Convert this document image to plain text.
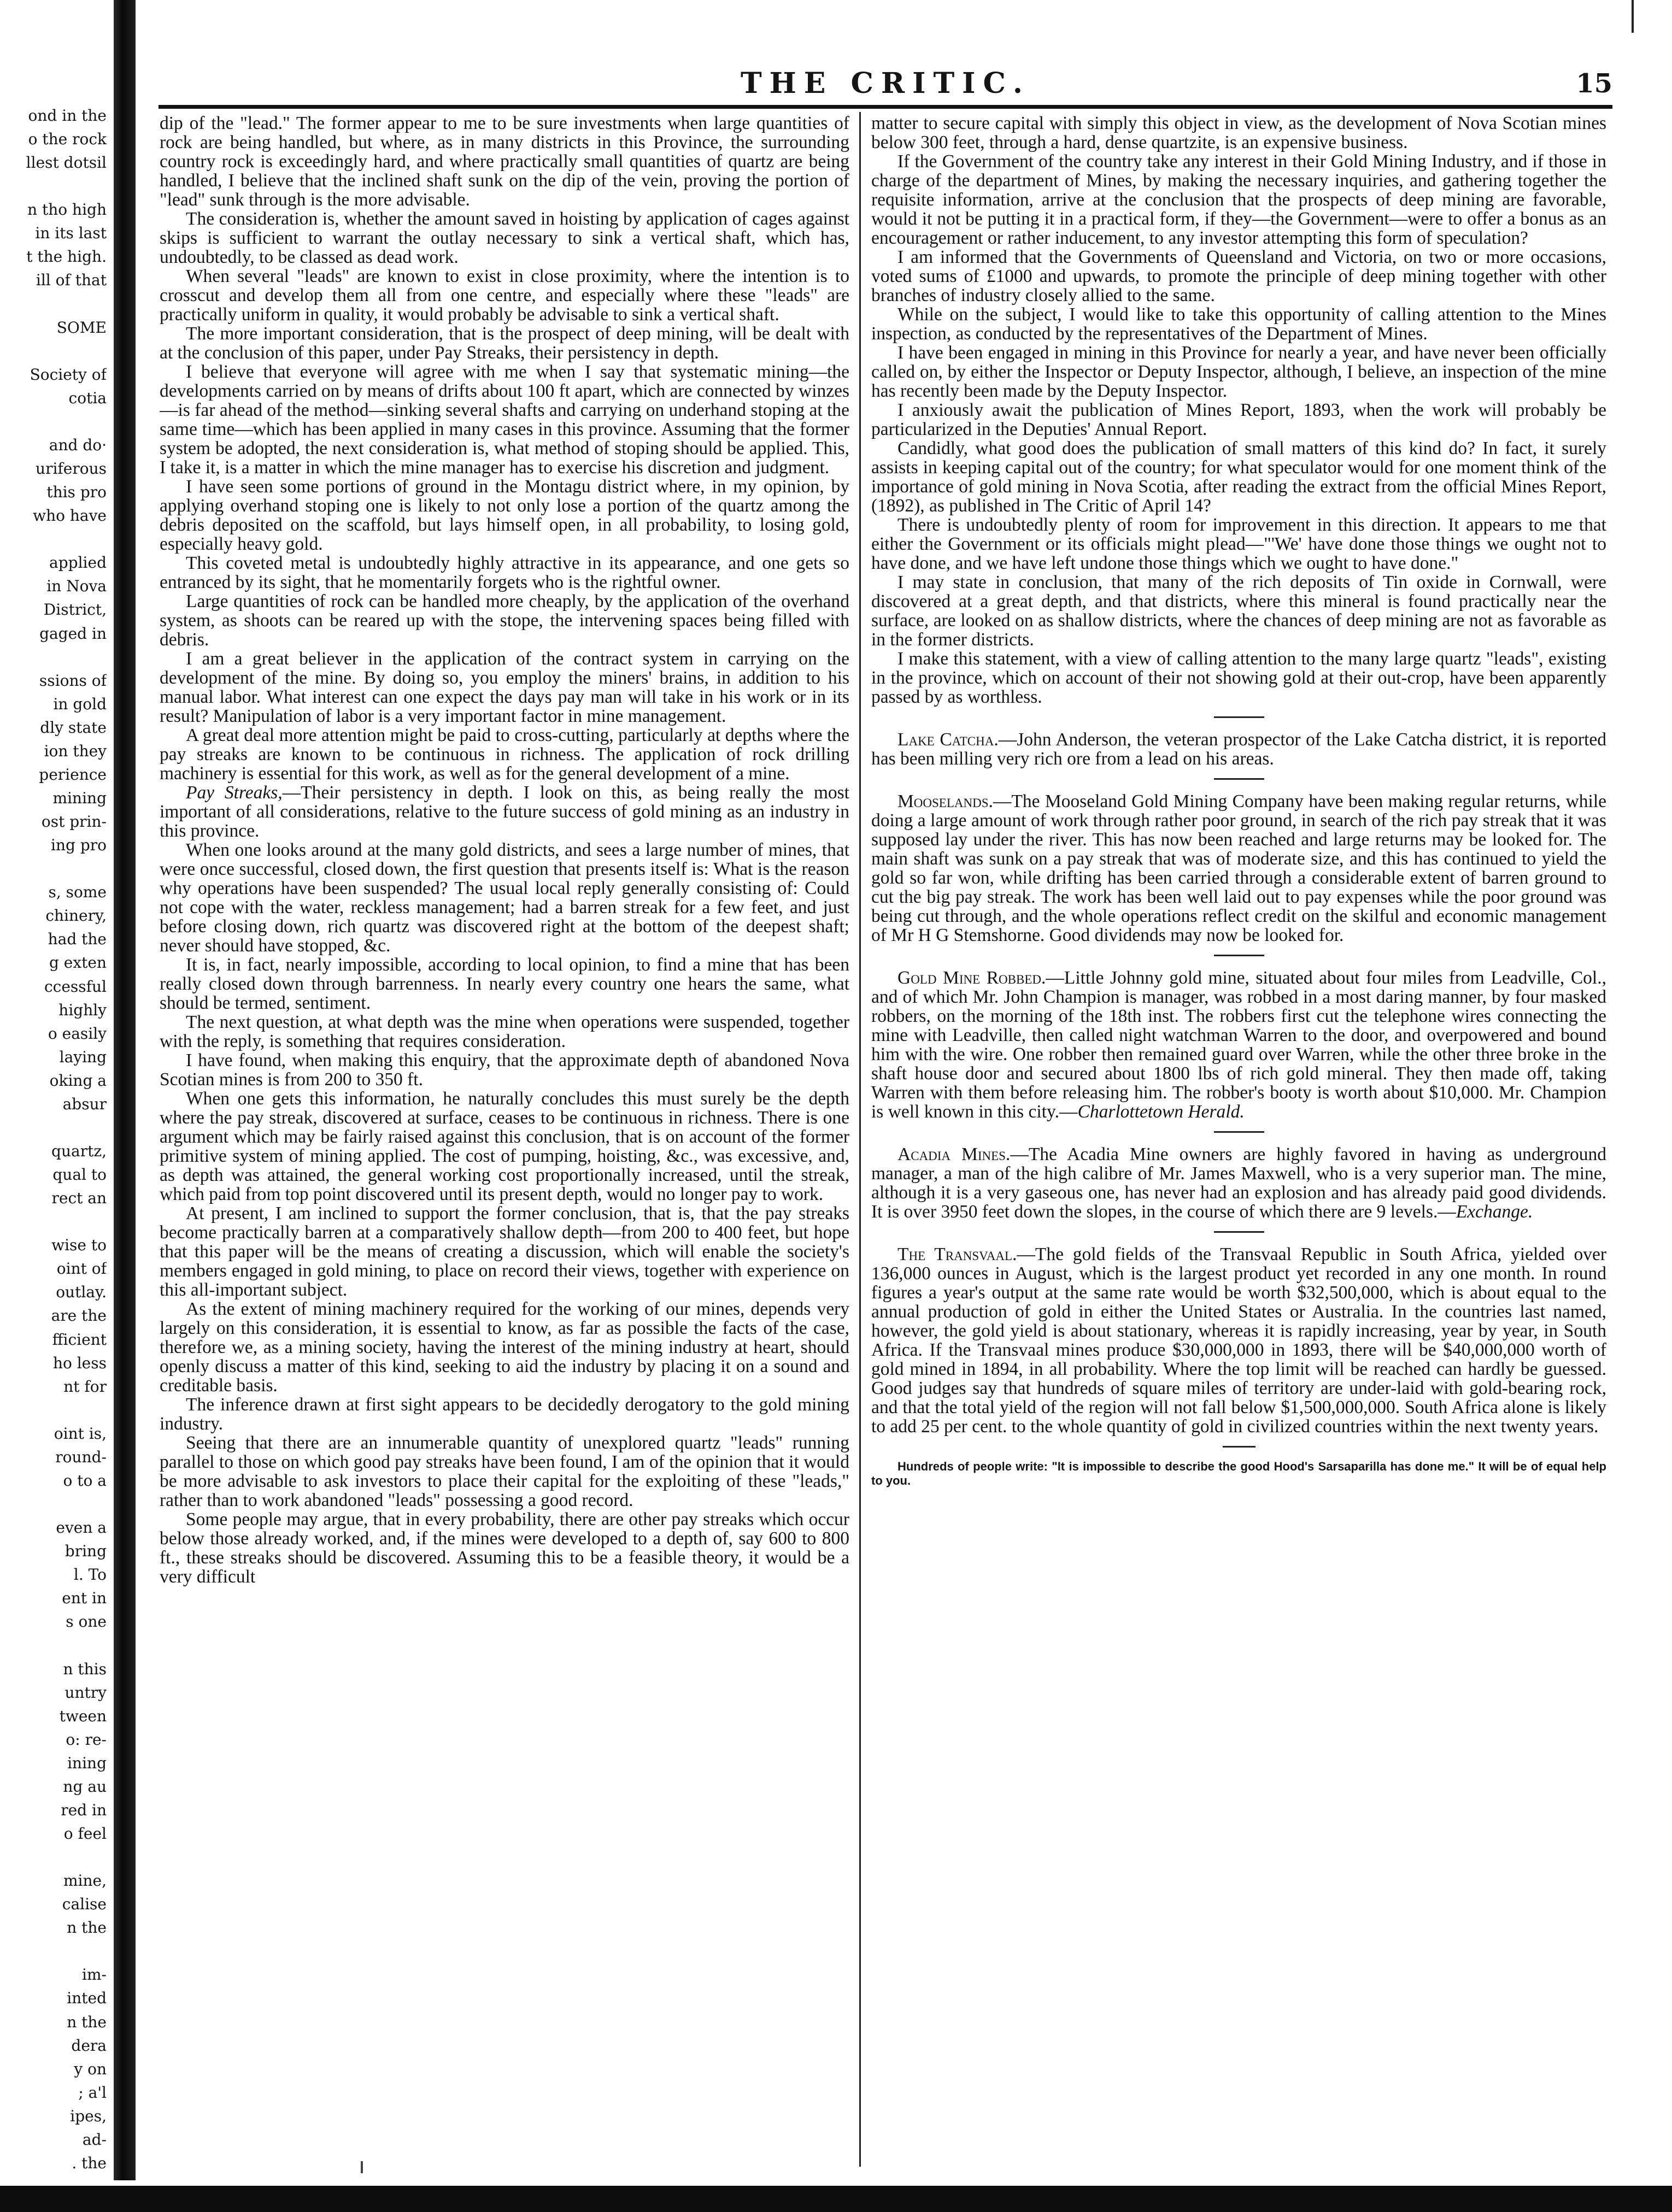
ond in the
o the rock
llest dotsil
n tho high
in its last
t the high.
ill of that
SOME
Society of
cotia
and do·
uriferous
this pro
who have
applied
in Nova
District,
gaged in
ssions of
in gold
dly state
ion they
perience
mining
ost prin-
ing pro
s, some
chinery,
had the
g exten
ccessful
highly
o easily
laying
oking a
absur
quartz,
qual to
rect an
wise to
oint of
outlay.
are the
fficient
ho less
nt for
oint is,
round-
o to a
even a
bring
l. To
ent in
s one
n this
untry
tween
o: re-
ining
ng au
red in
o feel
mine,
calise
n the
im-
inted
n the
dera
y on
; a'l
ipes,
ad-
. the
THE CRITIC.	15

dip of the "lead." The former appear to me to be sure investments when large quantities of rock are being handled, but where, as in many districts in this Province, the surrounding country rock is exceedingly hard, and where practically small quantities of quartz are being handled, I believe that the inclined shaft sunk on the dip of the vein, proving the portion of "lead" sunk through is the more advisable.

The consideration is, whether the amount saved in hoisting by application of cages against skips is sufficient to warrant the outlay necessary to sink a vertical shaft, which has, undoubtedly, to be classed as dead work.

When several "leads" are known to exist in close proximity, where the intention is to crosscut and develop them all from one centre, and especially where these "leads" are practically uniform in quality, it would probably be advisable to sink a vertical shaft.

The more important consideration, that is the prospect of deep mining, will be dealt with at the conclusion of this paper, under Pay Streaks, their persistency in depth.

I believe that everyone will agree with me when I say that systematic mining—the developments carried on by means of drifts about 100 ft apart, which are connected by winzes—is far ahead of the method—sinking several shafts and carrying on underhand stoping at the same time—which has been applied in many cases in this province. Assuming that the former system be adopted, the next consideration is, what method of stoping should be applied. This, I take it, is a matter in which the mine manager has to exercise his discretion and judgment.

I have seen some portions of ground in the Montagu district where, in my opinion, by applying overhand stoping one is likely to not only lose a portion of the quartz among the debris deposited on the scaffold, but lays himself open, in all probability, to losing gold, especially heavy gold.

This coveted metal is undoubtedly highly attractive in its appearance, and one gets so entranced by its sight, that he momentarily forgets who is the rightful owner.

Large quantities of rock can be handled more cheaply, by the application of the overhand system, as shoots can be reared up with the stope, the intervening spaces being filled with debris.

I am a great believer in the application of the contract system in carrying on the development of the mine. By doing so, you employ the miners' brains, in addition to his manual labor. What interest can one expect the days pay man will take in his work or in its result? Manipulation of labor is a very important factor in mine management.

A great deal more attention might be paid to cross-cutting, particularly at depths where the pay streaks are known to be continuous in richness. The application of rock drilling machinery is essential for this work, as well as for the general development of a mine.

Pay Streaks,—Their persistency in depth. I look on this, as being really the most important of all considerations, relative to the future success of gold mining as an industry in this province.

When one looks around at the many gold districts, and sees a large number of mines, that were once successful, closed down, the first question that presents itself is: What is the reason why operations have been suspended? The usual local reply generally consisting of: Could not cope with the water, reckless management; had a barren streak for a few feet, and just before closing down, rich quartz was discovered right at the bottom of the deepest shaft; never should have stopped, &c.

It is, in fact, nearly impossible, according to local opinion, to find a mine that has been really closed down through barrenness. In nearly every country one hears the same, what should be termed, sentiment.

The next question, at what depth was the mine when operations were suspended, together with the reply, is something that requires consideration.

I have found, when making this enquiry, that the approximate depth of abandoned Nova Scotian mines is from 200 to 350 ft.

When one gets this information, he naturally concludes this must surely be the depth where the pay streak, discovered at surface, ceases to be continuous in richness. There is one argument which may be fairly raised against this conclusion, that is on account of the former primitive system of mining applied. The cost of pumping, hoisting, &c., was excessive, and, as depth was attained, the general working cost proportionally increased, until the streak, which paid from top point discovered until its present depth, would no longer pay to work.

At present, I am inclined to support the former conclusion, that is, that the pay streaks become practically barren at a comparatively shallow depth—from 200 to 400 feet, but hope that this paper will be the means of creating a discussion, which will enable the society's members engaged in gold mining, to place on record their views, together with experience on this all-important subject.

As the extent of mining machinery required for the working of our mines, depends very largely on this consideration, it is essential to know, as far as possible the facts of the case, therefore we, as a mining society, having the interest of the mining industry at heart, should openly discuss a matter of this kind, seeking to aid the industry by placing it on a sound and creditable basis.

The inference drawn at first sight appears to be decidedly derogatory to the gold mining industry.

Seeing that there are an innumerable quantity of unexplored quartz "leads" running parallel to those on which good pay streaks have been found, I am of the opinion that it would be more advisable to ask investors to place their capital for the exploiting of these "leads," rather than to work abandoned "leads" possessing a good record.

Some people may argue, that in every probability, there are other pay streaks which occur below those already worked, and, if the mines were developed to a depth of, say 600 to 800 ft., these streaks should be discovered. Assuming this to be a feasible theory, it would be a very difficult

matter to secure capital with simply this object in view, as the development of Nova Scotian mines below 300 feet, through a hard, dense quartzite, is an expensive business.

If the Government of the country take any interest in their Gold Mining Industry, and if those in charge of the department of Mines, by making the necessary inquiries, and gathering together the requisite information, arrive at the conclusion that the prospects of deep mining are favorable, would it not be putting it in a practical form, if they—the Government—were to offer a bonus as an encouragement or rather inducement, to any investor attempting this form of speculation?

I am informed that the Governments of Queensland and Victoria, on two or more occasions, voted sums of £1000 and upwards, to promote the principle of deep mining together with other branches of industry closely allied to the same.

While on the subject, I would like to take this opportunity of calling attention to the Mines inspection, as conducted by the representatives of the Department of Mines.

I have been engaged in mining in this Province for nearly a year, and have never been officially called on, by either the Inspector or Deputy Inspector, although, I believe, an inspection of the mine has recently been made by the Deputy Inspector.

I anxiously await the publication of Mines Report, 1893, when the work will probably be particularized in the Deputies' Annual Report.

Candidly, what good does the publication of small matters of this kind do? In fact, it surely assists in keeping capital out of the country; for what speculator would for one moment think of the importance of gold mining in Nova Scotia, after reading the extract from the official Mines Report, (1892), as published in The Critic of April 14?

There is undoubtedly plenty of room for improvement in this direction. It appears to me that either the Government or its officials might plead—"'We' have done those things we ought not to have done, and we have left undone those things which we ought to have done."

I may state in conclusion, that many of the rich deposits of Tin oxide in Cornwall, were discovered at a great depth, and that districts, where this mineral is found practically near the surface, are looked on as shallow districts, where the chances of deep mining are not as favorable as in the former districts.

I make this statement, with a view of calling attention to the many large quartz "leads", existing in the province, which on account of their not showing gold at their out-crop, have been apparently passed by as worthless.

Lake Catcha.—John Anderson, the veteran prospector of the Lake Catcha district, it is reported has been milling very rich ore from a lead on his areas.

Mooselands.—The Mooseland Gold Mining Company have been making regular returns, while doing a large amount of work through rather poor ground, in search of the rich pay streak that it was supposed lay under the river. This has now been reached and large returns may be looked for. The main shaft was sunk on a pay streak that was of moderate size, and this has continued to yield the gold so far won, while drifting has been carried through a considerable extent of barren ground to cut the big pay streak. The work has been well laid out to pay expenses while the poor ground was being cut through, and the whole operations reflect credit on the skilful and economic management of Mr H G Stemshorne. Good dividends may now be looked for.

Gold Mine Robbed.—Little Johnny gold mine, situated about four miles from Leadville, Col., and of which Mr. John Champion is manager, was robbed in a most daring manner, by four masked robbers, on the morning of the 18th inst. The robbers first cut the telephone wires connecting the mine with Leadville, then called night watchman Warren to the door, and overpowered and bound him with the wire. One robber then remained guard over Warren, while the other three broke in the shaft house door and secured about 1800 lbs of rich gold mineral. They then made off, taking Warren with them before releasing him. The robber's booty is worth about $10,000. Mr. Champion is well known in this city.—Charlottetown Herald.

Acadia Mines.—The Acadia Mine owners are highly favored in having as underground manager, a man of the high calibre of Mr. James Maxwell, who is a very superior man. The mine, although it is a very gaseous one, has never had an explosion and has already paid good dividends. It is over 3950 feet down the slopes, in the course of which there are 9 levels.—Exchange.

The Transvaal.—The gold fields of the Transvaal Republic in South Africa, yielded over 136,000 ounces in August, which is the largest product yet recorded in any one month. In round figures a year's output at the same rate would be worth $32,500,000, which is about equal to the annual production of gold in either the United States or Australia. In the countries last named, however, the gold yield is about stationary, whereas it is rapidly increasing, year by year, in South Africa. If the Transvaal mines produce $30,000,000 in 1893, there will be $40,000,000 worth of gold mined in 1894, in all probability. Where the top limit will be reached can hardly be guessed. Good judges say that hundreds of square miles of territory are under-laid with gold-bearing rock, and that the total yield of the region will not fall below $1,500,000,000. South Africa alone is likely to add 25 per cent. to the whole quantity of gold in civilized countries within the next twenty years.

Hundreds of people write: "It is impossible to describe the good Hood's Sarsaparilla has done me." It will be of equal help to you.
